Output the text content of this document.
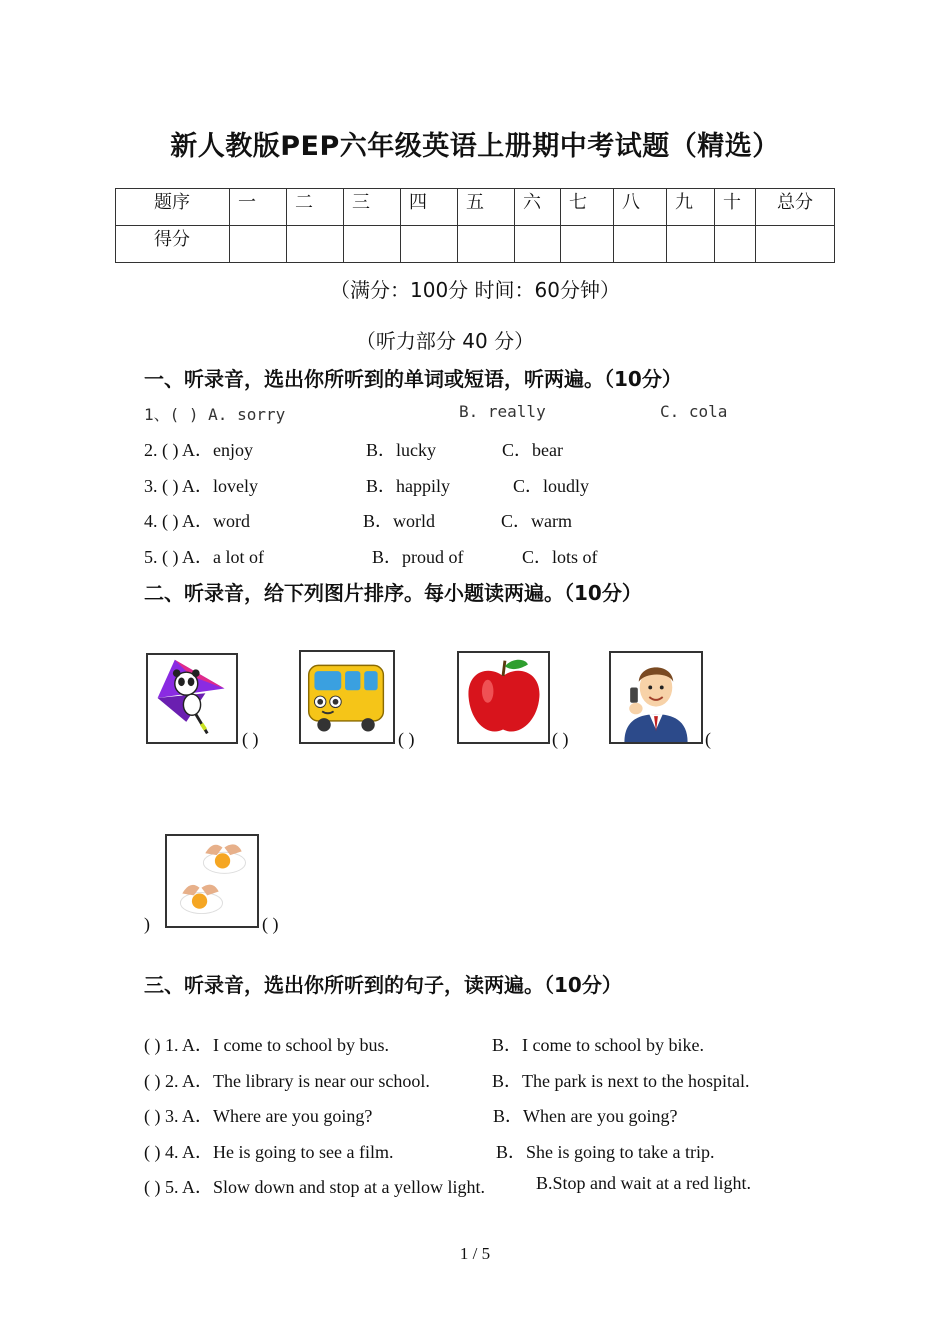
新人教版PEP六年级英语上册期中考试题（精选）
题序	一	二	三	四	五	六	七	八	九	十	总分
得分											
（满分：100分 时间：60分钟）
（听力部分 40 分）
一、听录音，选出你所听到的单词或短语，听两遍。（10分）
1、( ) A. sorry	B. really	C. cola
2. ( ) A．enjoy	B．lucky	C．bear
3. ( ) A．lovely	B．happily	C．loudly
4. ( ) A．word	B．world	C．warm
5. ( ) A．a lot of	B．proud of	C．lots of
二、听录音，给下列图片排序。每小题读两遍。（10分）
( )	( )	( )	(
)	( )
三、听录音，选出你所听到的句子，读两遍。（10分）
( ) 1. A．I come to school by bus.	B．I come to school by bike.
( ) 2. A．The library is near our school.	B．The park is next to the hospital.
( ) 3. A．Where are you going?	B．When are you going?
( ) 4. A．He is going to see a film.	B．She is going to take a trip.
( ) 5. A．Slow down and stop at a yellow light.	B.Stop and wait at a red light.
1 / 5
